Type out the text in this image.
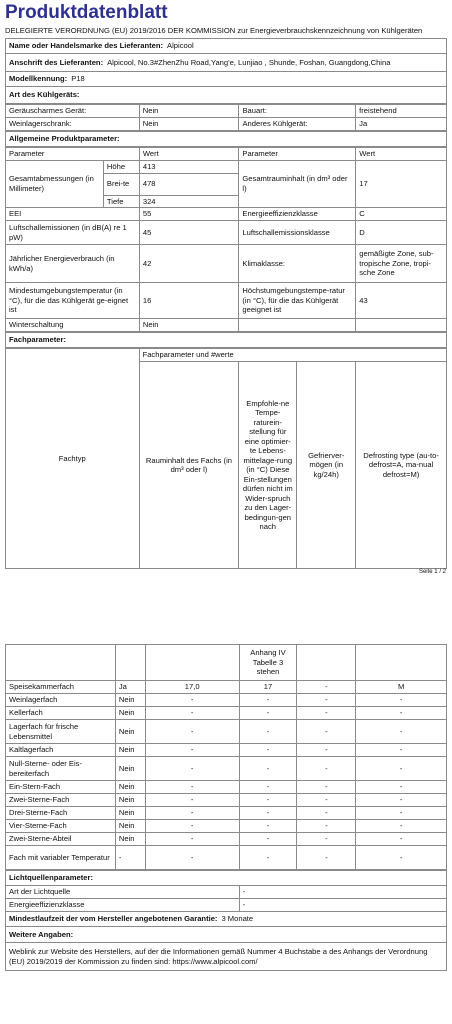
Produktdatenblatt
DELEGIERTE VERORDNUNG (EU) 2019/2016 DER KOMMISSION zur Energieverbrauchskennzeichnung von Kühlgeräten
Name oder Handelsmarke des Lieferanten: Alpicool
Anschrift des Lieferanten: Alpicool, No.3#ZhenZhu Road,Yang'e, Lunjiao , Shunde, Foshan, Guangdong,China
Modellkennung: P18
Art des Kühlgeräts:
Geräuscharmes Gerät:	Nein	Bauart:	freistehend
Weinlagerschrank:	Nein	Anderes Kühlgerät:	Ja
Allgemeine Produktparameter:
Parameter		Wert	Parameter	Wert
Gesamtabmessungen (in Millimeter)	Höhe	413	Gesamtrauminhalt (in dm³ oder l)	17
	Brei-te	478		
	Tiefe	324		
EEI		55	Energieeffizienzklasse	C
Luftschallemissionen (in dB(A) re 1 pW)		45	Luftschallemissionsklasse	D
Jährlicher Energieverbrauch (in kWh/a)		42	Klimaklasse:	gemäßigte Zone, sub-tropische Zone, tropi-sche Zone
Mindestumgebungstemperatur (in °C), für die das Kühlgerät ge-eignet ist		16	Höchstumgebungstempe-ratur (in °C), für die das Kühlgerät geeignet ist	43
Winterschaltung		Nein		
Fachparameter:
Fachtyp	Fachparameter und #werte			
	Rauminhalt des Fachs (in dm³ oder l)	Empfohle-ne Tempe-raturein-stellung für eine optimier-te Lebens-mittelage-rung (in °C) Diese Ein-stellungen dürfen nicht im Wider-spruch zu den Lager-bedingun-gen nach	Gefrierver-mögen (in kg/24h)	Defrosting type (au-to-defrost=A, ma-nual defrost=M)
Seite 1 / 2
			Anhang IV Tabelle 3 stehen		
Speisekammerfach	Ja	17,0	17	-	M
Weinlagerfach	Nein	-	-	-	-
Kellerfach	Nein	-	-	-	-
Lagerfach für frische Lebensmittel	Nein	-	-	-	-
Kaltlagerfach	Nein	-	-	-	-
Null-Sterne- oder Eis-bereiterfach	Nein	-	-	-	-
Ein-Stern-Fach	Nein	-	-	-	-
Zwei-Sterne-Fach	Nein	-	-	-	-
Drei-Sterne-Fach	Nein	-	-	-	-
Vier-Sterne-Fach	Nein	-	-	-	-
Zwei-Sterne-Abteil	Nein	-	-	-	-
Fach mit variabler Temperatur	-	-	-	-	-
Lichtquellenparameter:	
Art der Lichtquelle	-
Energieeffizienzklasse	-
Mindestlaufzeit der vom Hersteller angebotenen Garantie: 3 Monate	
Weitere Angaben:	
Weblink zur Website des Herstellers, auf der die Informationen gemäß Nummer 4 Buchstabe a des Anhangs der Verordnung (EU) 2019/2019 der Kommission zu finden sind: https://www.alpicool.com/	
